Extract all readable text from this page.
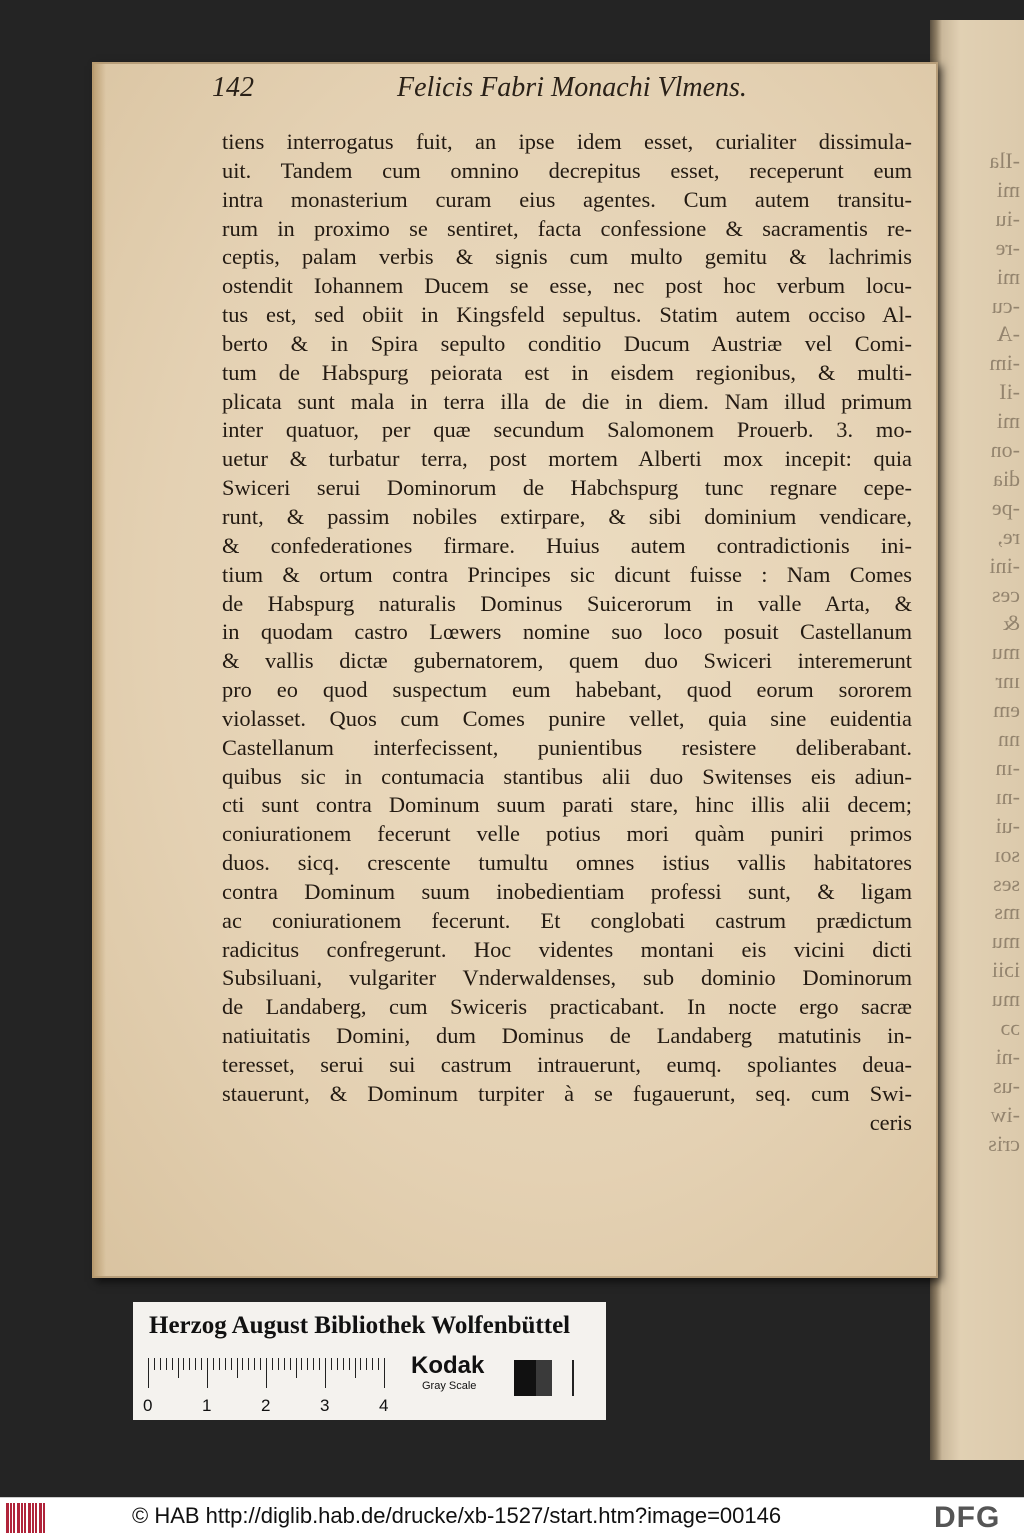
-Ila
mi
-iu
-re
mi
-cu
-A
-im
-iI
mi
-on
dia
-pe
re,
-ini
ces
&
mu
ınr
em
nn
-ın
-nı
-ui
soı
ses
ms
mu
iɔii
mu
ɔɔ
-ni
-us
-iw
cris
142	Felicis Fabri Monachi Vlmens.
tiens interrogatus fuit, an ipse idem esset, curialiter dissimula-
uit. Tandem cum omnino decrepitus esset, receperunt eum
intra monasterium curam eius agentes. Cum autem transitu-
rum in proximo se sentiret, facta confessione & sacramentis re-
ceptis, palam verbis & signis cum multo gemitu & lachrimis
ostendit Iohannem Ducem se esse, nec post hoc verbum locu-
tus est, sed obiit in Kingsfeld sepultus. Statim autem occiso Al-
berto & in Spira sepulto conditio Ducum Austriæ vel Comi-
tum de Habspurg peiorata est in eisdem regionibus, & multi-
plicata sunt mala in terra illa de die in diem. Nam illud primum
inter quatuor, per quæ secundum Salomonem Prouerb. 3. mo-
uetur & turbatur terra, post mortem Alberti mox incepit: quia
Swiceri serui Dominorum de Habchspurg tunc regnare cepe-
runt, & passim nobiles extirpare, & sibi dominium vendicare,
& confederationes firmare. Huius autem contradictionis ini-
tium & ortum contra Principes sic dicunt fuisse : Nam Comes
de Habspurg naturalis Dominus Suicerorum in valle Arta, &
in quodam castro Lœwers nomine suo loco posuit Castellanum
& vallis dictæ gubernatorem, quem duo Swiceri interemerunt
pro eo quod suspectum eum habebant, quod eorum sororem
violasset. Quos cum Comes punire vellet, quia sine euidentia
Castellanum interfecissent, punientibus resistere deliberabant.
quibus sic in contumacia stantibus alii duo Switenses eis adiun-
cti sunt contra Dominum suum parati stare, hinc illis alii decem;
coniurationem fecerunt velle potius mori quàm puniri primos
duos. sicq. crescente tumultu omnes istius vallis habitatores
contra Dominum suum inobedientiam professi sunt, & ligam
ac coniurationem fecerunt. Et conglobati castrum prædictum
radicitus confregerunt. Hoc videntes montani eis vicini dicti
Subsiluani, vulgariter Vnderwaldenses, sub dominio Dominorum
de Landaberg, cum Swiceris practicabant. In nocte ergo sacræ
natiuitatis Domini, dum Dominus de Landaberg matutinis in-
teresset, serui sui castrum intrauerunt, eumq. spoliantes deua-
stauerunt, & Dominum turpiter à se fugauerunt, seq. cum Swi-
ceris
Herzog August Bibliothek Wolfenbüttel
0	1	2	3	4
Kodak
Gray Scale
© HAB http://diglib.hab.de/drucke/xb-1527/start.htm?image=00146	DFG
